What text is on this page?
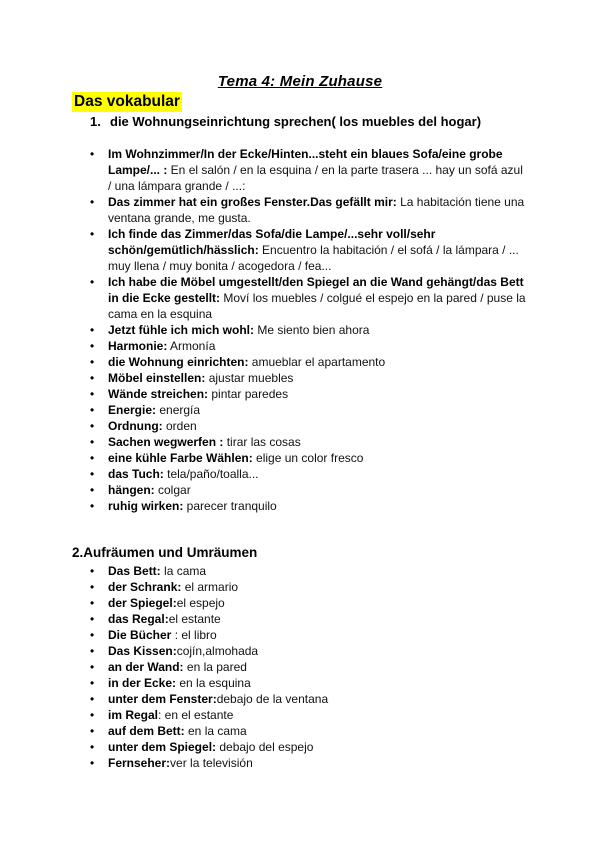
Tema 4: Mein Zuhause
Das vokabular
1. die Wohnungseinrichtung sprechen( los muebles del hogar)
• Im Wohnzimmer/In der Ecke/Hinten...steht ein blaues Sofa/eine grobe Lampe/... : En el salón / en la esquina / en la parte trasera ... hay un sofá azul / una lámpara grande / ...:
• Das zimmer hat ein großes Fenster.Das gefällt mir: La habitación tiene una ventana grande, me gusta.
• Ich finde das Zimmer/das Sofa/die Lampe/...sehr voll/sehr schön/gemütlich/hässlich: Encuentro la habitación / el sofá / la lámpara / ... muy llena / muy bonita / acogedora / fea...
• Ich habe die Möbel umgestellt/den Spiegel an die Wand gehängt/das Bett in die Ecke gestellt: Moví los muebles / colgué el espejo en la pared / puse la cama en la esquina
• Jetzt fühle ich mich wohl: Me siento bien ahora
• Harmonie: Armonía
• die Wohnung einrichten: amueblar el apartamento
• Möbel einstellen: ajustar muebles
• Wände streichen: pintar paredes
• Energie: energía
• Ordnung: orden
• Sachen wegwerfen : tirar las cosas
• eine kühle Farbe Wählen: elige un color fresco
• das Tuch: tela/paño/toalla...
• hängen: colgar
• ruhig wirken: parecer tranquilo
2.Aufräumen und Umräumen
• Das Bett: la cama
• der Schrank: el armario
• der Spiegel:el espejo
• das Regal:el estante
• Die Bücher : el libro
• Das Kissen:cojín,almohada
• an der Wand: en la pared
• in der Ecke: en la esquina
• unter dem Fenster:debajo de la ventana
• im Regal: en el estante
• auf dem Bett: en la cama
• unter dem Spiegel: debajo del espejo
• Fernseher:ver la televisión
